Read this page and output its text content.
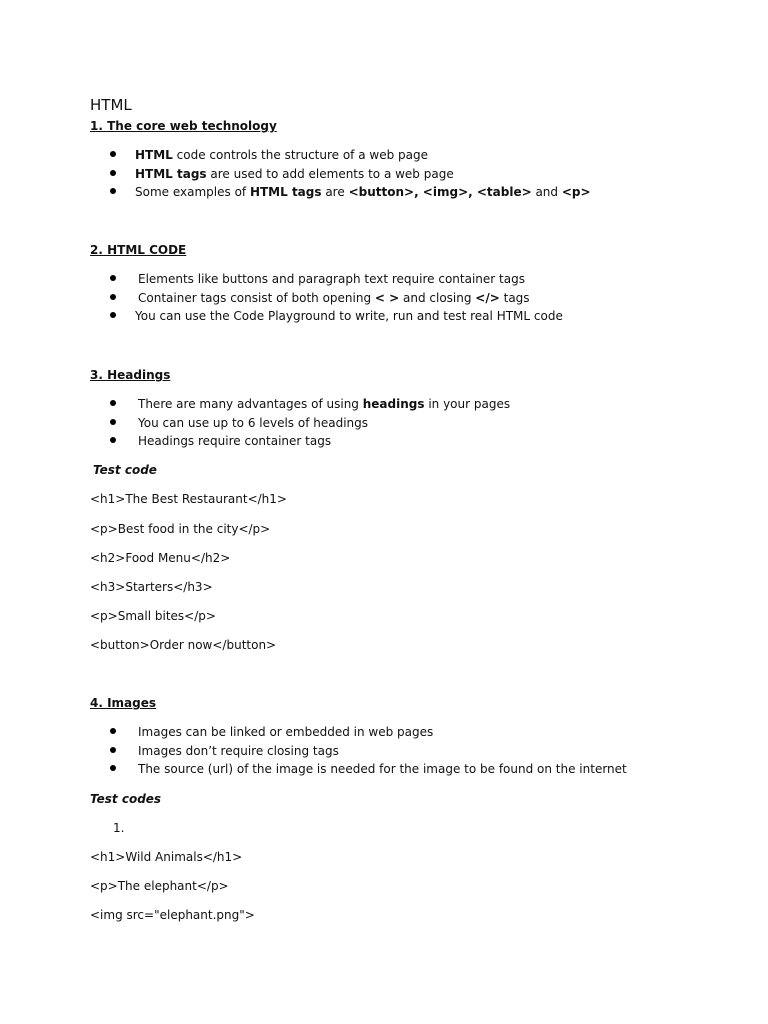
HTML
1. The core web technology
HTML code controls the structure of a web page
HTML tags are used to add elements to a web page
Some examples of HTML tags are <button>, <img>, <table> and <p>
2. HTML CODE
Elements like buttons and paragraph text require container tags
Container tags consist of both opening < > and closing </> tags
You can use the Code Playground to write, run and test real HTML code
3. Headings
There are many advantages of using headings in your pages
You can use up to 6 levels of headings
Headings require container tags
Test code
<h1>The Best Restaurant</h1>
<p>Best food in the city</p>
<h2>Food Menu</h2>
<h3>Starters</h3>
<p>Small bites</p>
<button>Order now</button>
4. Images
Images can be linked or embedded in web pages
Images don’t require closing tags
The source (url) of the image is needed for the image to be found on the internet
Test codes
1.
<h1>Wild Animals</h1>
<p>The elephant</p>
<img src="elephant.png">
